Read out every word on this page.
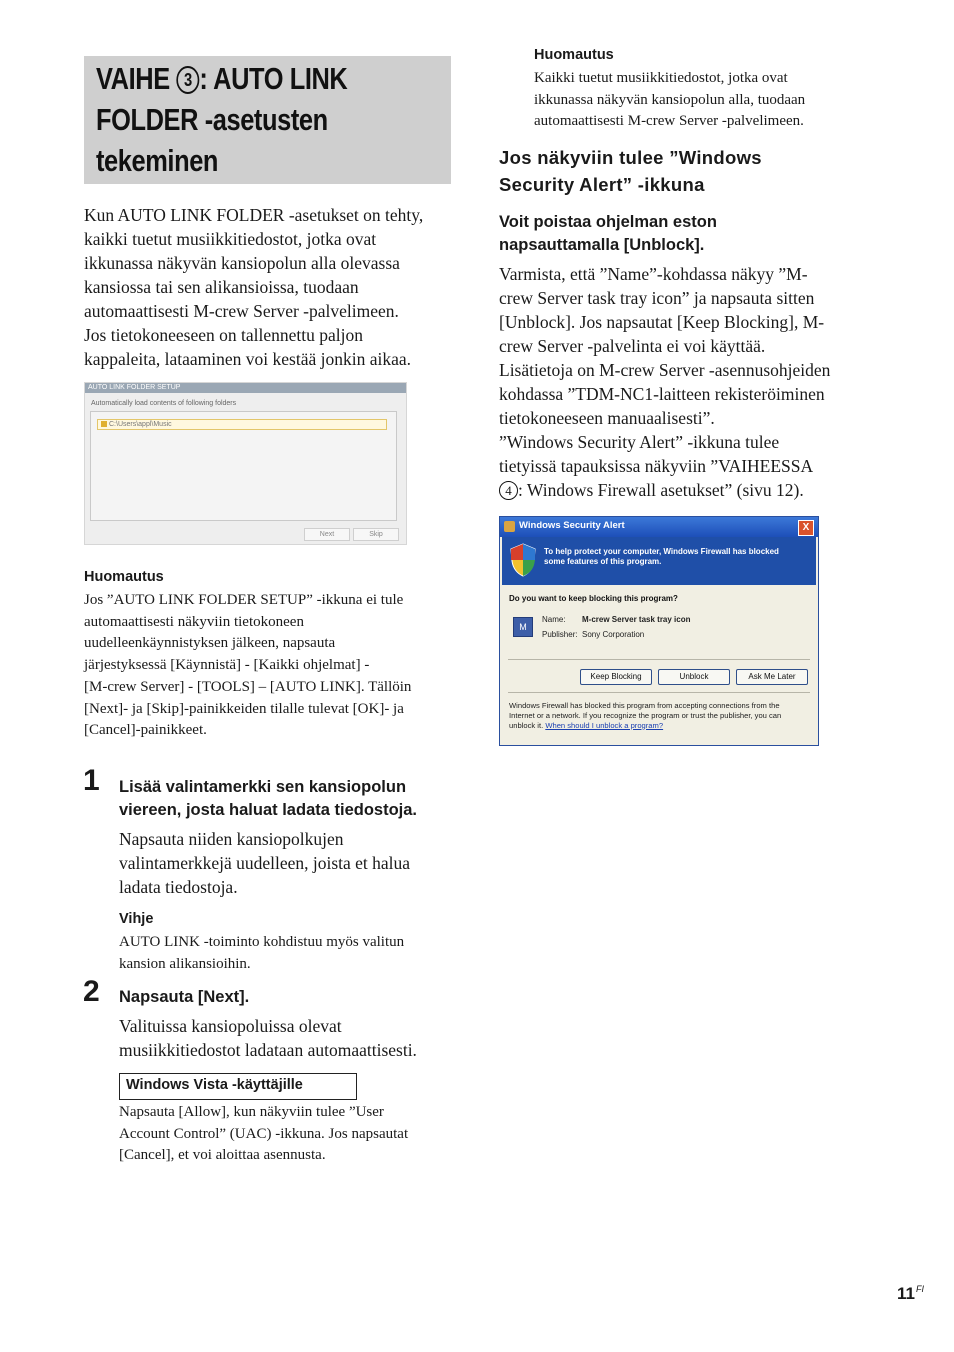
VAIHE 3 : AUTO LINK
FOLDER -asetusten
tekeminen
Kun AUTO LINK FOLDER -asetukset on tehty,
kaikki tuetut musiikkitiedostot, jotka ovat
ikkunassa näkyvän kansiopolun alla olevassa
kansiossa tai sen alikansioissa, tuodaan
automaattisesti M-crew Server -palvelimeen.
Jos tietokoneeseen on tallennettu paljon
kappaleita, lataaminen voi kestää jonkin aikaa.
AUTO LINK FOLDER SETUP
Automatically load contents of following folders
C:\Users\appl\Music
Next	Skip
Huomautus
Jos ”AUTO LINK FOLDER SETUP” -ikkuna ei tule
automaattisesti näkyviin tietokoneen
uudelleenkäynnistyksen jälkeen, napsauta
järjestyksessä [Käynnistä] - [Kaikki ohjelmat] -
[M-crew Server] - [TOOLS] – [AUTO LINK]. Tällöin
[Next]- ja [Skip]-painikkeiden tilalle tulevat [OK]- ja
[Cancel]-painikkeet.
1 Lisää valintamerkki sen kansiopolun
viereen, josta haluat ladata tiedostoja.
Napsauta niiden kansiopolkujen
valintamerkkejä uudelleen, joista et halua
ladata tiedostoja.
Vihje
AUTO LINK -toiminto kohdistuu myös valitun
kansion alikansioihin.
2 Napsauta [Next].
Valituissa kansiopoluissa olevat
musiikkitiedostot ladataan automaattisesti.
Windows Vista -käyttäjille
Napsauta [Allow], kun näkyviin tulee ”User
Account Control” (UAC) -ikkuna. Jos napsautat
[Cancel], et voi aloittaa asennusta.
Huomautus
Kaikki tuetut musiikkitiedostot, jotka ovat
ikkunassa näkyvän kansiopolun alla, tuodaan
automaattisesti M-crew Server -palvelimeen.
Jos näkyviin tulee ”Windows
Security Alert” -ikkuna
Voit poistaa ohjelman eston
napsauttamalla [Unblock].
Varmista, että ”Name”-kohdassa näkyy ”M-
crew Server task tray icon” ja napsauta sitten
[Unblock]. Jos napsautat [Keep Blocking], M-
crew Server -palvelinta ei voi käyttää.
Lisätietoja on M-crew Server -asennusohjeiden
kohdassa ”TDM-NC1-laitteen rekisteröiminen
tietokoneeseen manuaalisesti”.
”Windows Security Alert” -ikkuna tulee
tietyissä tapauksissa näkyviin ”VAIHEESSA
4 : Windows Firewall asetukset” (sivu 12).
Windows Security Alert	X
To help protect your computer, Windows Firewall has blocked
some features of this program.
Do you want to keep blocking this program?
M
Name: M-crew Server task tray icon
Publisher: Sony Corporation
Keep Blocking	Unblock	Ask Me Later
Windows Firewall has blocked this program from accepting connections from the
Internet or a network. If you recognize the program or trust the publisher, you can
unblock it. When should I unblock a program?
$11^{FI}$
